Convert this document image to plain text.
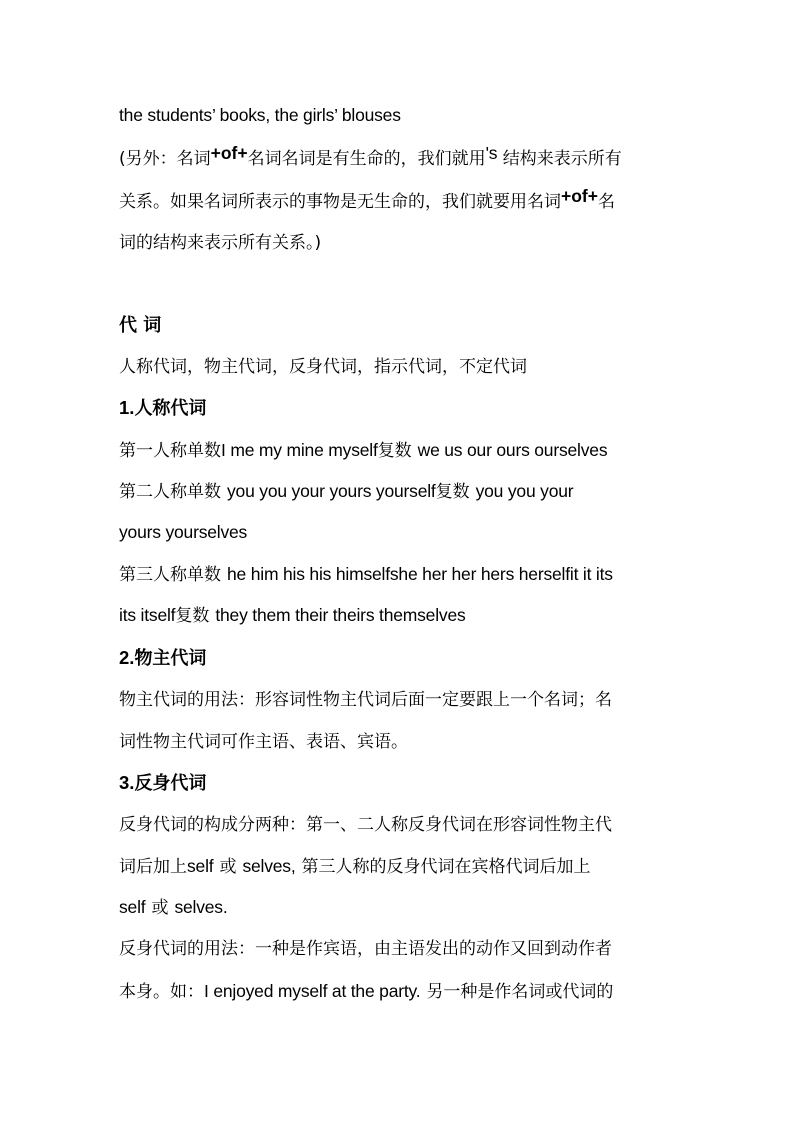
the students’ books, the girls’ blouses
(另外：名词+of+名词名词是有生命的，我们就用's 结构来表示所有
关系。如果名词所表示的事物是无生命的，我们就要用名词+of+名
词的结构来表示所有关系。)
代 词
人称代词，物主代词，反身代词，指示代词，不定代词
1.人称代词
第一人称单数I me my mine myself复数 we us our ours ourselves
第二人称单数 you you your yours yourself复数 you you your
yours yourselves
第三人称单数 he him his his himselfshe her her hers herselfit it its
its itself复数 they them their theirs themselves
2.物主代词
物主代词的用法：形容词性物主代词后面一定要跟上一个名词；名
词性物主代词可作主语、表语、宾语。
3.反身代词
反身代词的构成分两种：第一、二人称反身代词在形容词性物主代
词后加上self 或 selves, 第三人称的反身代词在宾格代词后加上
self 或 selves.
反身代词的用法：一种是作宾语，由主语发出的动作又回到动作者
本身。如：I enjoyed myself at the party. 另一种是作名词或代词的
